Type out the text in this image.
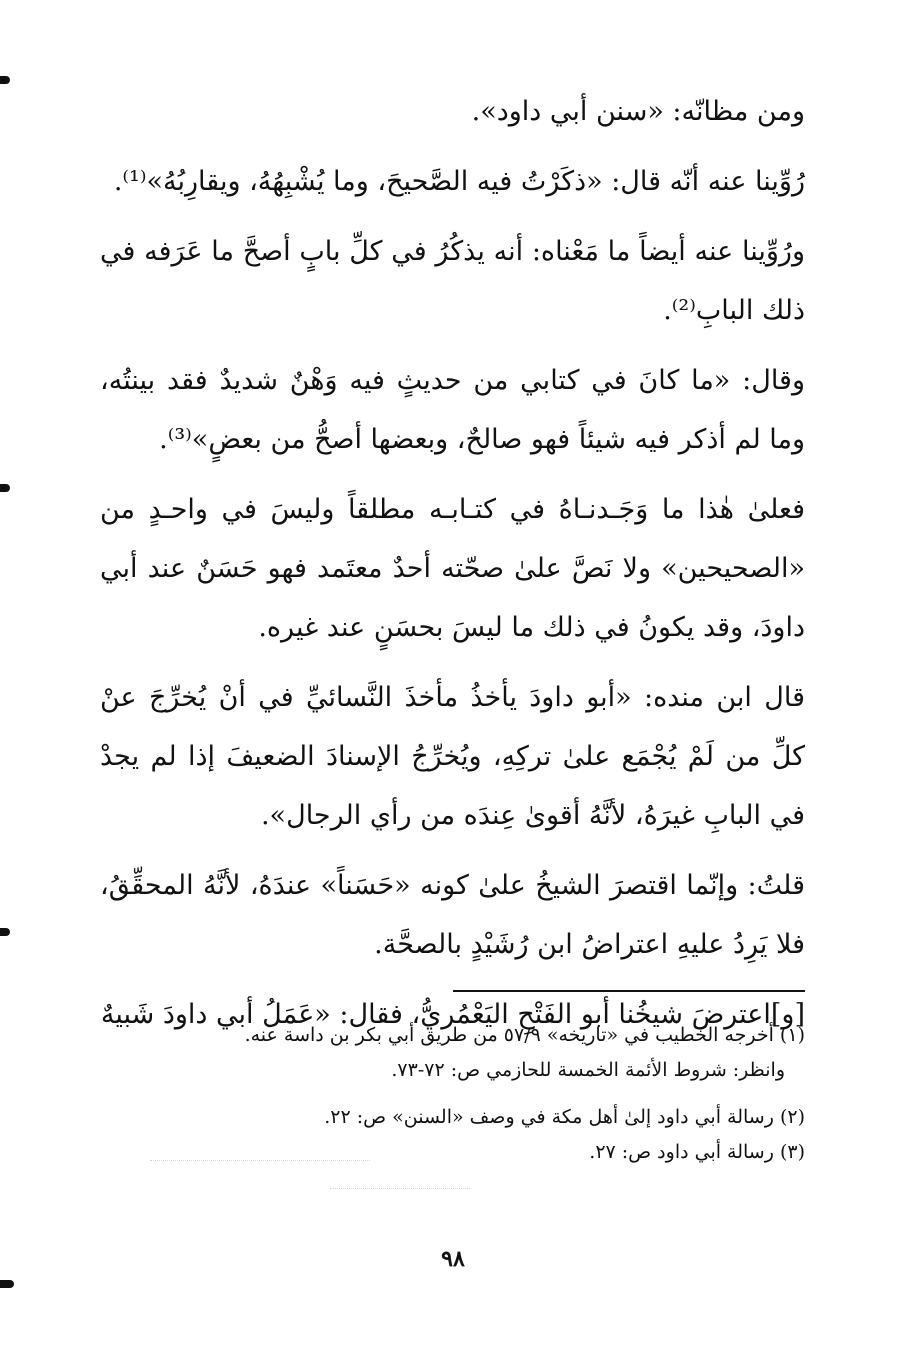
ومن مظانّه: «سنن أبي داود».

رُوِّينا عنه أنّه قال: «ذكَرْتُ فيه الصَّحيحَ، وما يُشْبِهُهُ، ويقارِبُهُ»⁽¹⁾.

ورُوِّينا عنه أيضاً ما مَعْناه: أنه يذكُرُ في كلِّ بابٍ أصحَّ ما عَرَفه في ذلك البابِ⁽²⁾.

وقال: «ما كانَ في كتابي من حديثٍ فيه وَهْنٌ شديدٌ فقد بينتُه، وما لم أذكر فيه شيئاً فهو صالحٌ، وبعضها أصحُّ من بعضٍ»⁽³⁾.

فعلىٰ هٰذا ما وَجَـدنـاهُ في كتـابـه مطلقاً وليسَ في واحـدٍ من «الصحيحين» ولا نَصَّ علىٰ صحّته أحدٌ معتَمد فهو حَسَنٌ عند أبي داودَ، وقد يكونُ في ذلك ما ليسَ بحسَنٍ عند غيره.

قال ابن منده: «أبو داودَ يأخذُ مأخذَ النَّسائيِّ في أنْ يُخرِّجَ عنْ كلِّ من لَمْ يُجْمَع علىٰ تركِهِ، ويُخرِّجُ الإسنادَ الضعيفَ إذا لم يجدْ في البابِ غيرَهُ، لأنَّهُ أقوىٰ عِندَه من رأي الرجال».

قلتُ: وإنّما اقتصرَ الشيخُ علىٰ كونه «حَسَناً» عندَهُ، لأنَّهُ المحقِّقُ، فلا يَرِدُ عليهِ اعتراضُ ابن رُشَيْدٍ بالصحَّة.

[و]اعترضَ شيخُنا أبو الفَتْحِ اليَعْمُريُّ، فقال: «عَمَلُ أبي داودَ شَبيهٌ

(١) أخرجه الخطيب في «تاريخه» ٥٧/٩ من طريق أبي بكر بن داسة عنه.

وانظر: شروط الأئمة الخمسة للحازمي ص: ٧٢-٧٣.

(٢) رسالة أبي داود إلىٰ أهل مكة في وصف «السنن» ص: ٢٢.

(٣) رسالة أبي داود ص: ٢٧.

٩٨
